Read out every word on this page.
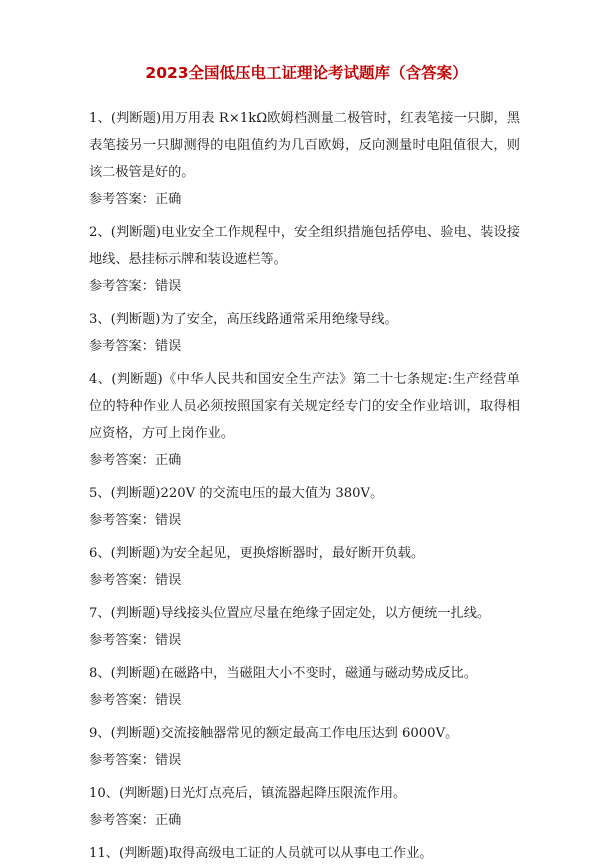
2023全国低压电工证理论考试题库（含答案）

1、(判断题)用万用表 R×1kΩ欧姆档测量二极管时，红表笔接一只脚，黑表笔接另一只脚测得的电阻值约为几百欧姆，反向测量时电阻值很大，则该二极管是好的。

参考答案：正确

2、(判断题)电业安全工作规程中，安全组织措施包括停电、验电、装设接地线、悬挂标示牌和装设遮栏等。

参考答案：错误

3、(判断题)为了安全，高压线路通常采用绝缘导线。

参考答案：错误

4、(判断题)《中华人民共和国安全生产法》第二十七条规定:生产经营单位的特种作业人员必须按照国家有关规定经专门的安全作业培训，取得相应资格，方可上岗作业。

参考答案：正确

5、(判断题)220V 的交流电压的最大值为 380V。

参考答案：错误

6、(判断题)为安全起见，更换熔断器时，最好断开负载。

参考答案：错误

7、(判断题)导线接头位置应尽量在绝缘子固定处，以方便统一扎线。

参考答案：错误

8、(判断题)在磁路中，当磁阻大小不变时，磁通与磁动势成反比。

参考答案：错误

9、(判断题)交流接触器常见的额定最高工作电压达到 6000V。

参考答案：错误

10、(判断题)日光灯点亮后，镇流器起降压限流作用。

参考答案：正确

11、(判断题)取得高级电工证的人员就可以从事电工作业。
